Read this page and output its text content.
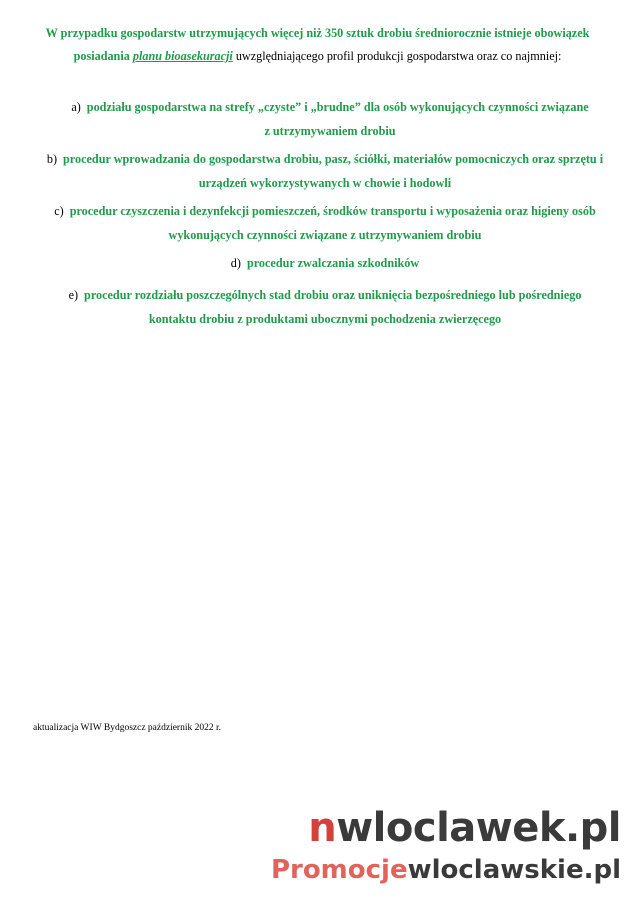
W przypadku gospodarstw utrzymujących więcej niż 350 sztuk drobiu średniorocznie istnieje obowiązek posiadania planu bioasekuracji uwzględniającego profil produkcji gospodarstwa oraz co najmniej:
a) podziału gospodarstwa na strefy „czyste” i „brudne” dla osób wykonujących czynności związane z utrzymywaniem drobiu
b) procedur wprowadzania do gospodarstwa drobiu, pasz, ściółki, materiałów pomocniczych oraz sprzętu i urządzeń wykorzystywanych w chowie i hodowli
c) procedur czyszczenia i dezynfekcji pomieszczeń, środków transportu i wyposażenia oraz higieny osób wykonujących czynności związane z utrzymywaniem drobiu
d) procedur zwalczania szkodników
e) procedur rozdziału poszczególnych stad drobiu oraz uniknięcia bezpośredniego lub pośredniego kontaktu drobiu z produktami ubocznymi pochodzenia zwierzęcego
aktualizacja WIW Bydgoszcz październik 2022 r.
nwloclawek.pl
Promocjewloclawskie.pl
